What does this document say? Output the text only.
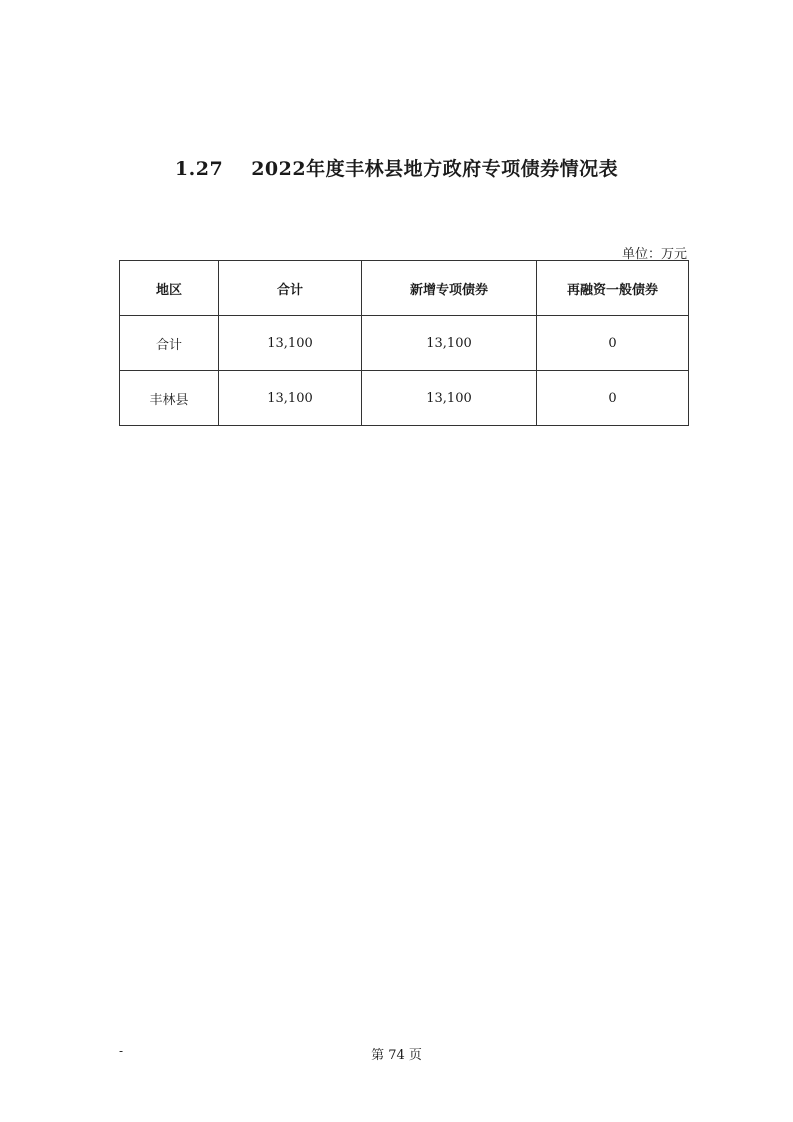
1.27 2022年度丰林县地方政府专项债券情况表
单位：万元
地区	合计	新增专项债券	再融资一般债券
合计	13,100	13,100	0
丰林县	13,100	13,100	0
-	第 74 页
